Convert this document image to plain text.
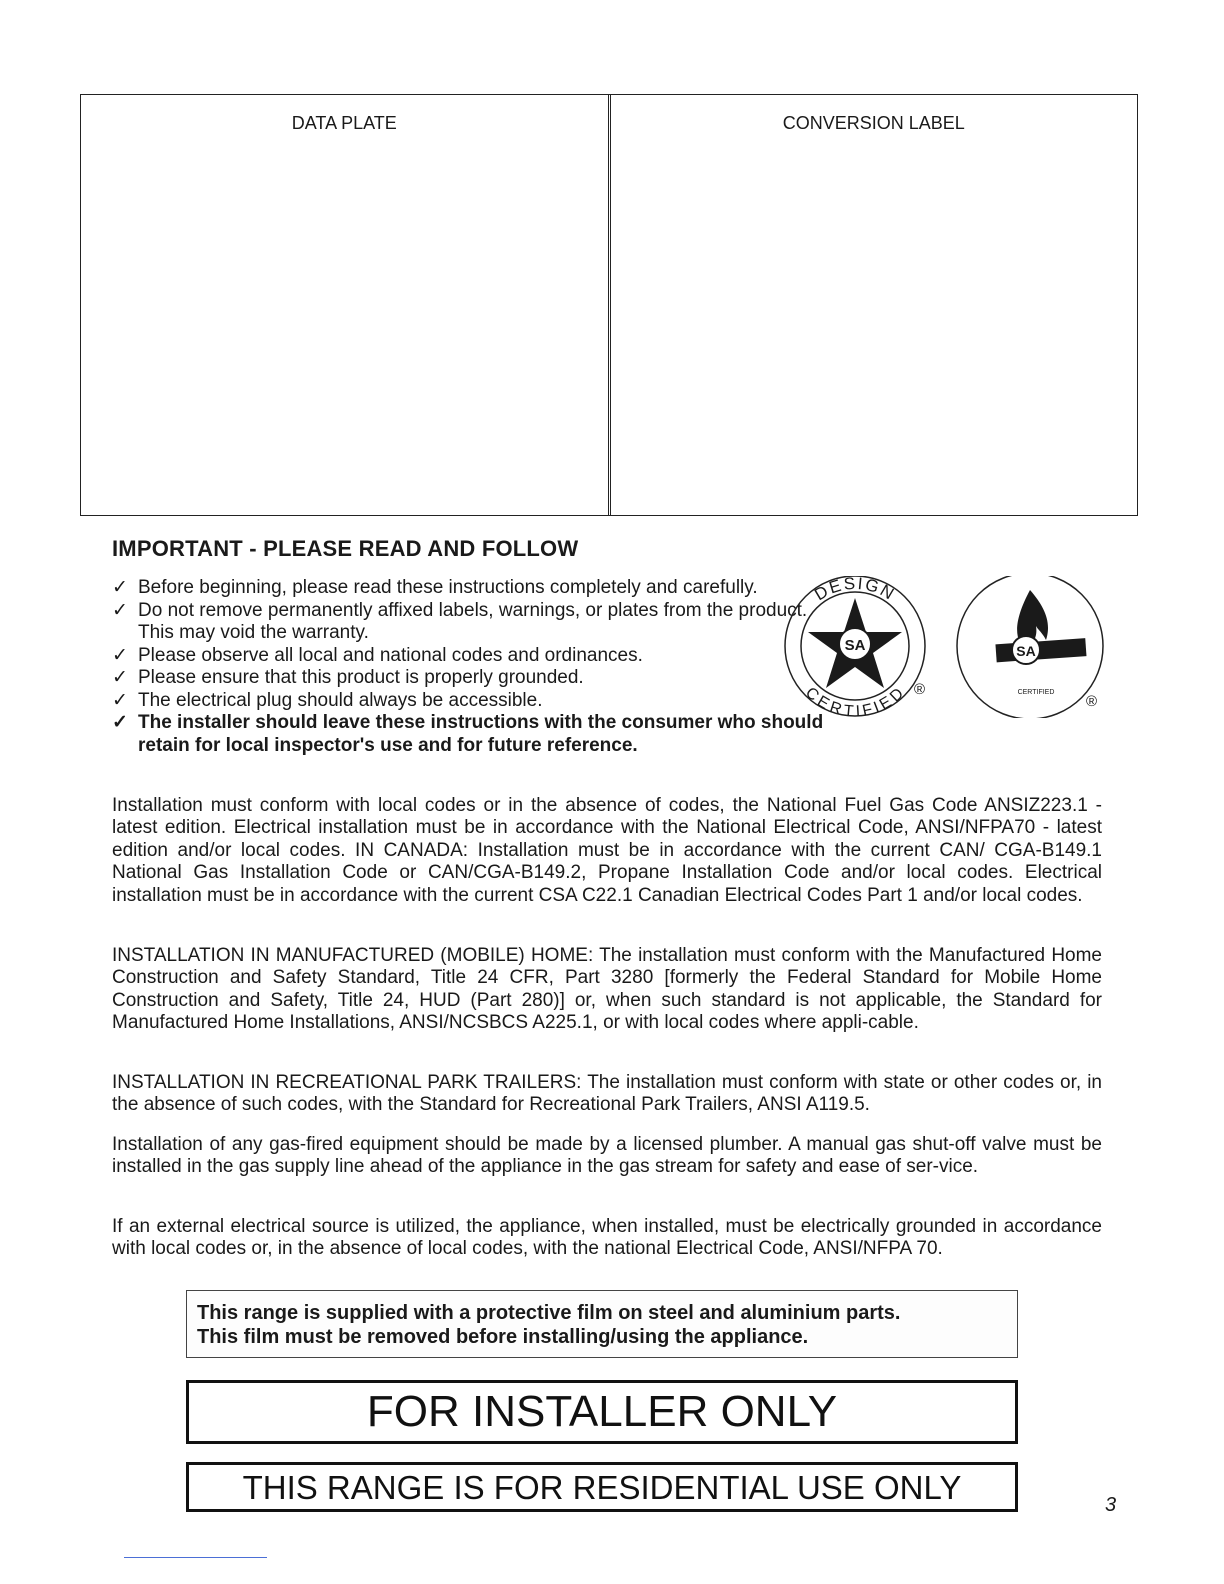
DATA PLATE	CONVERSION LABEL
IMPORTANT - PLEASE READ AND FOLLOW
✓ Before beginning, please read these instructions completely and carefully.
✓ Do not remove permanently affixed labels, warnings, or plates from the product. This may void the warranty.
✓ Please observe all local and national codes and ordinances.
✓ Please ensure that this product is properly grounded.
✓ The electrical plug should always be accessible.
✓ The installer should leave these instructions with the consumer who should retain for local inspector's use and for future reference.
SA
DESIGN
CERTIFIED ®
SA
CERTIFIED
®

Installation must conform with local codes or in the absence of codes, the National Fuel Gas Code ANSIZ223.1 - latest edition. Electrical installation must be in accordance with the National Electrical Code, ANSI/NFPA70 - latest edition and/or local codes. IN CANADA: Installation must be in accordance with the current CAN/ CGA-B149.1 National Gas Installation Code or CAN/CGA-B149.2, Propane Installation Code and/or local codes. Electrical installation must be in accordance with the current CSA C22.1 Canadian Electrical Codes Part 1 and/or local codes.

INSTALLATION IN MANUFACTURED (MOBILE) HOME: The installation must conform with the Manufactured Home Construction and Safety Standard, Title 24 CFR, Part 3280 [formerly the Federal Standard for Mobile Home Construction and Safety, Title 24, HUD (Part 280)] or, when such standard is not applicable, the Standard for Manufactured Home Installations, ANSI/NCSBCS A225.1, or with local codes where appli-cable.

INSTALLATION IN RECREATIONAL PARK TRAILERS: The installation must conform with state or other codes or, in the absence of such codes, with the Standard for Recreational Park Trailers, ANSI A119.5.

Installation of any gas-fired equipment should be made by a licensed plumber. A manual gas shut-off valve must be installed in the gas supply line ahead of the appliance in the gas stream for safety and ease of ser-vice.

If an external electrical source is utilized, the appliance, when installed, must be electrically grounded in accordance with local codes or, in the absence of local codes, with the national Electrical Code, ANSI/NFPA 70.

This range is supplied with a protective film on steel and aluminium parts.
This film must be removed before installing/using the appliance.
FOR INSTALLER ONLY
THIS RANGE IS FOR RESIDENTIAL USE ONLY	3
